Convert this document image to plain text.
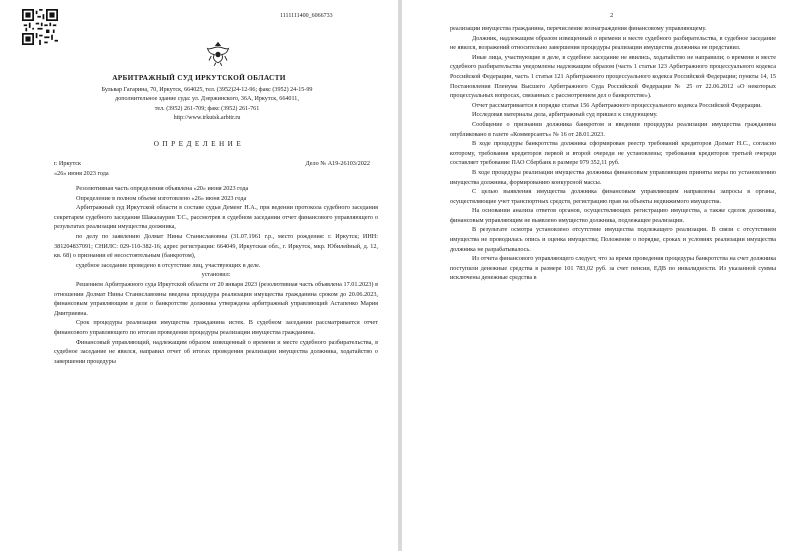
1111111400_6066733
АРБИТРАЖНЫЙ СУД ИРКУТСКОЙ ОБЛАСТИ

Бульвар Гагарина, 70, Иркутск, 664025, тел. (3952)24-12-96; факс (3952) 24-15-99

дополнительное здание суда: ул. Дзержинского, 36А, Иркутск, 664011,

тел. (3952) 261-709; факс (3952) 261-761

http://www.irkutsk.arbitr.ru

ОПРЕДЕЛЕНИЕ
г. Иркутск	Дело № А19-26103/2022
«26» июня 2023 года

Резолютивная часть определения объявлена «20» июня 2023 года

Определение в полном объеме изготовлено «26» июня 2023 года

Арбитражный суд Иркутской области в составе судьи Деменг Н.А., при ведении протокола судебного заседания секретарем судебного заседания Шакалаурин Т.С., рассмотрев в судебном заседании отчет финансового управляющего о результатах реализации имущества должника,

по делу по заявлению Долмат Нины Станиславовны (31.07.1961 г.р., место рождения: г. Иркутск; ИНН: 381204837091; СНИЛС: 029-110-382-16; адрес регистрации: 664049, Иркутская обл., г. Иркутск, мкр. Юбилейный, д. 12, кв. 68) о признании её несостоятельным (банкротом),

судебное заседание проведено в отсутствие лиц, участвующих в деле.

установил:

Решением Арбитражного суда Иркутской области от 20 января 2023 (резолютивная часть объявлена 17.01.2023) в отношении Долмат Нины Станиславовны введена процедура реализации имущества гражданина сроком до 20.06.2023, финансовым управляющим в деле о банкротстве должника утверждена арбитражный управляющий Астапенко Мария Дмитриевна.

Срок процедуры реализации имущества гражданина истек. В судебном заседании рассматривается отчет финансового управляющего по итогам проведения процедуры реализации имущества гражданина.

Финансовый управляющий, надлежащим образом извещенный о времени и месте судебного разбирательства, в судебное заседание не явился, направил отчет об итогах проведения реализации имущества должника, ходатайство о завершении процедуры

2

реализации имущества гражданина, перечисление вознаграждения финансовому управляющему.

Должник, надлежащим образом извещенный о времени и месте судебного разбирательства, в судебное заседание не явился, возражений относительно завершения процедуры реализации имущества должника не представил.

Иные лица, участвующие в деле, в судебное заседание не явились, ходатайство не направили; о времени и месте судебного разбирательства уведомлены надлежащим образом (часть 1 статьи 123 Арбитражного процессуального кодекса Российской Федерации, часть 1 статьи 121 Арбитражного процессуального кодекса Российской Федерации; пункты 14, 15 Постановления Пленума Высшего Арбитражного Суда Российской Федерации № 25 от 22.06.2012 «О некоторых процессуальных вопросах, связанных с рассмотрением дел о банкротстве»).

Отчет рассматривается в порядке статьи 156 Арбитражного процессуального кодекса Российской Федерации.

Исследовав материалы дела, арбитражный суд пришел к следующему.

Сообщение о признании должника банкротом и введении процедуры реализации имущества гражданина опубликовано в газете «Коммерсантъ» № 16 от 28.01.2023.

В ходе процедуры банкротства должника сформирован реестр требований кредиторов Долмат Н.С., согласно которому, требования кредиторов первой и второй очереди не установлены; требования кредиторов третьей очереди составляет требование ПАО Сбербанк в размере 979 352,11 руб.

В ходе процедуры реализации имущества должника финансовым управляющим приняты меры по установлению имущества должника, формированию конкурсной массы.

С целью выявления имущества должника финансовым управляющим направлены запросы в органы, осуществляющие учет транспортных средств, регистрацию прав на объекты недвижимого имущества.

На основании анализа ответов органов, осуществляющих регистрацию имущества, а также сделок должника, финансовым управляющим не выявлено имущество должника, подлежащее реализации.

В результате осмотра установлено отсутствие имущества подлежащего реализации. В связи с отсутствием имущества не проводилась опись и оценка имущества; Положение о порядке, сроках и условиях реализации имущества должника не разрабатывалось.

Из отчета финансового управляющего следует, что за время проведения процедуры банкротства на счет должника поступили денежные средства в размере 101 783,02 руб. за счет пенсии, ЕДВ по инвалидности. Из указанной суммы исключены денежные средства в
